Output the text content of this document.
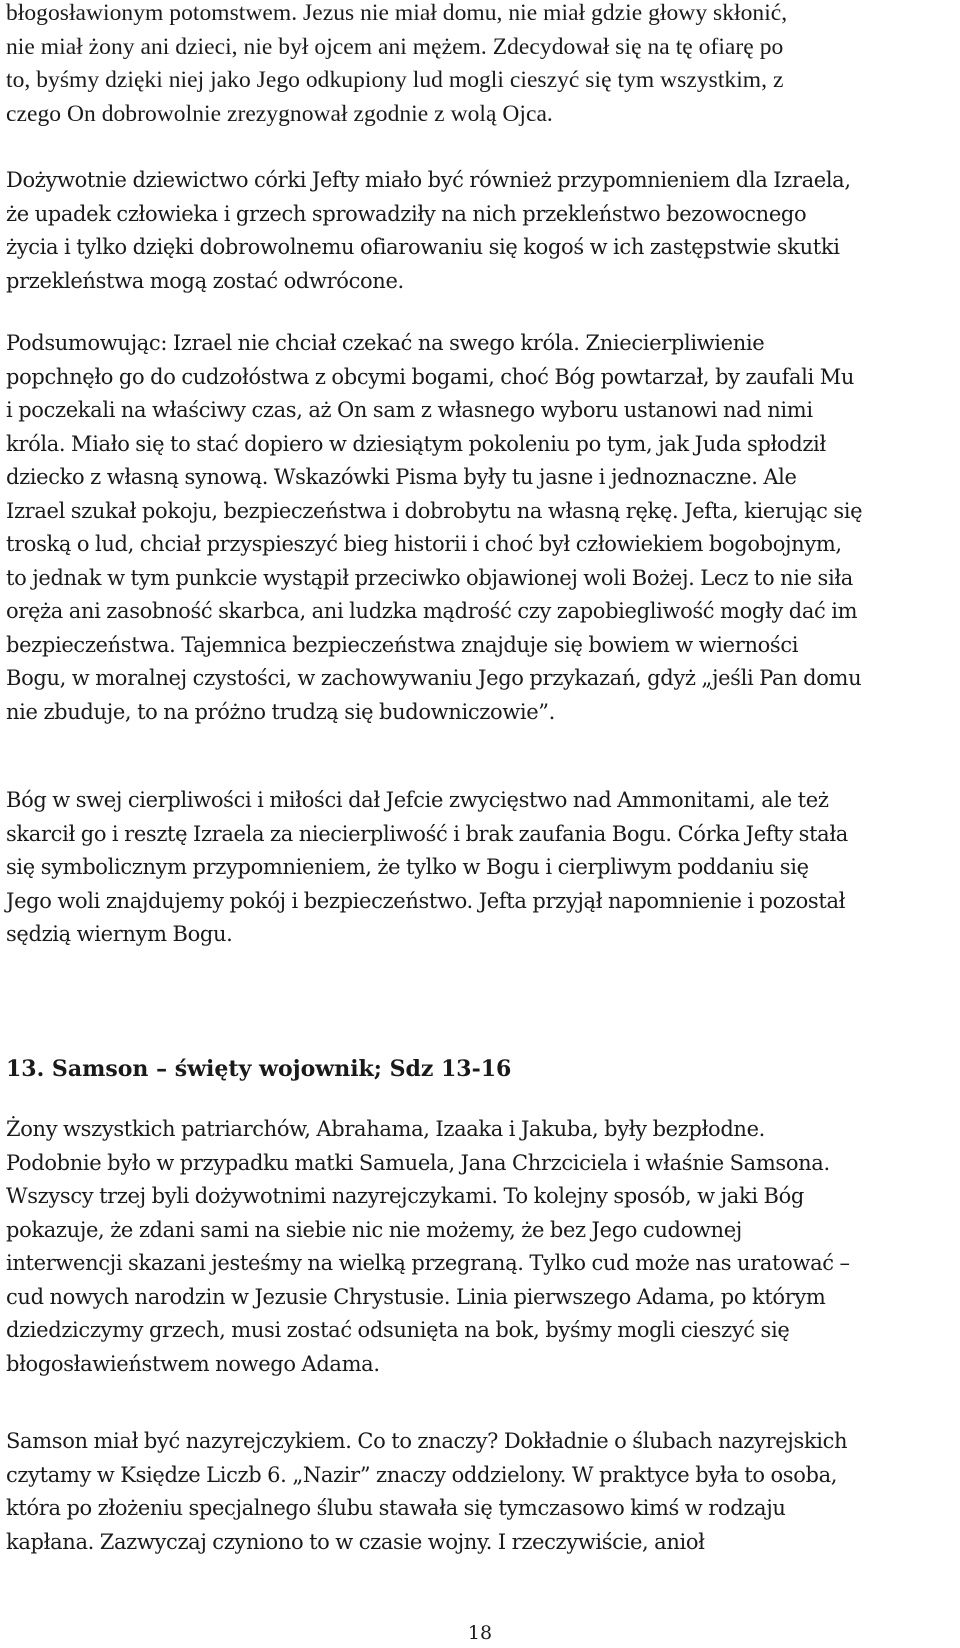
błogosławionym potomstwem. Jezus nie miał domu, nie miał gdzie głowy skłonić,
nie miał żony ani dzieci, nie był ojcem ani mężem. Zdecydował się na tę ofiarę po
to, byśmy dzięki niej jako Jego odkupiony lud mogli cieszyć się tym wszystkim, z
czego On dobrowolnie zrezygnował zgodnie z wolą Ojca.

Dożywotnie dziewictwo córki Jefty miało być również przypomnieniem dla Izraela,
że upadek człowieka i grzech sprowadziły na nich przekleństwo bezowocnego
życia i tylko dzięki dobrowolnemu ofiarowaniu się kogoś w ich zastępstwie skutki
przekleństwa mogą zostać odwrócone.

Podsumowując: Izrael nie chciał czekać na swego króla. Zniecierpliwienie
popchnęło go do cudzołóstwa z obcymi bogami, choć Bóg powtarzał, by zaufali Mu
i poczekali na właściwy czas, aż On sam z własnego wyboru ustanowi nad nimi
króla. Miało się to stać dopiero w dziesiątym pokoleniu po tym, jak Juda spłodził
dziecko z własną synową. Wskazówki Pisma były tu jasne i jednoznaczne. Ale
Izrael szukał pokoju, bezpieczeństwa i dobrobytu na własną rękę. Jefta, kierując się
troską o lud, chciał przyspieszyć bieg historii i choć był człowiekiem bogobojnym,
to jednak w tym punkcie wystąpił przeciwko objawionej woli Bożej. Lecz to nie siła
oręża ani zasobność skarbca, ani ludzka mądrość czy zapobiegliwość mogły dać im
bezpieczeństwa. Tajemnica bezpieczeństwa znajduje się bowiem w wierności
Bogu, w moralnej czystości, w zachowywaniu Jego przykazań, gdyż „jeśli Pan domu
nie zbuduje, to na próżno trudzą się budowniczowie”.

Bóg w swej cierpliwości i miłości dał Jefcie zwycięstwo nad Ammonitami, ale też
skarcił go i resztę Izraela za niecierpliwość i brak zaufania Bogu. Córka Jefty stała
się symbolicznym przypomnieniem, że tylko w Bogu i cierpliwym poddaniu się
Jego woli znajdujemy pokój i bezpieczeństwo. Jefta przyjął napomnienie i pozostał
sędzią wiernym Bogu.

13. Samson – święty wojownik; Sdz 13-16

Żony wszystkich patriarchów, Abrahama, Izaaka i Jakuba, były bezpłodne.
Podobnie było w przypadku matki Samuela, Jana Chrzciciela i właśnie Samsona.
Wszyscy trzej byli dożywotnimi nazyrejczykami. To kolejny sposób, w jaki Bóg
pokazuje, że zdani sami na siebie nic nie możemy, że bez Jego cudownej
interwencji skazani jesteśmy na wielką przegraną. Tylko cud może nas uratować –
cud nowych narodzin w Jezusie Chrystusie. Linia pierwszego Adama, po którym
dziedziczymy grzech, musi zostać odsunięta na bok, byśmy mogli cieszyć się
błogosławieństwem nowego Adama.

Samson miał być nazyrejczykiem. Co to znaczy? Dokładnie o ślubach nazyrejskich
czytamy w Księdze Liczb 6. „Nazir” znaczy oddzielony. W praktyce była to osoba,
która po złożeniu specjalnego ślubu stawała się tymczasowo kimś w rodzaju
kapłana. Zazwyczaj czyniono to w czasie wojny. I rzeczywiście, anioł

18
